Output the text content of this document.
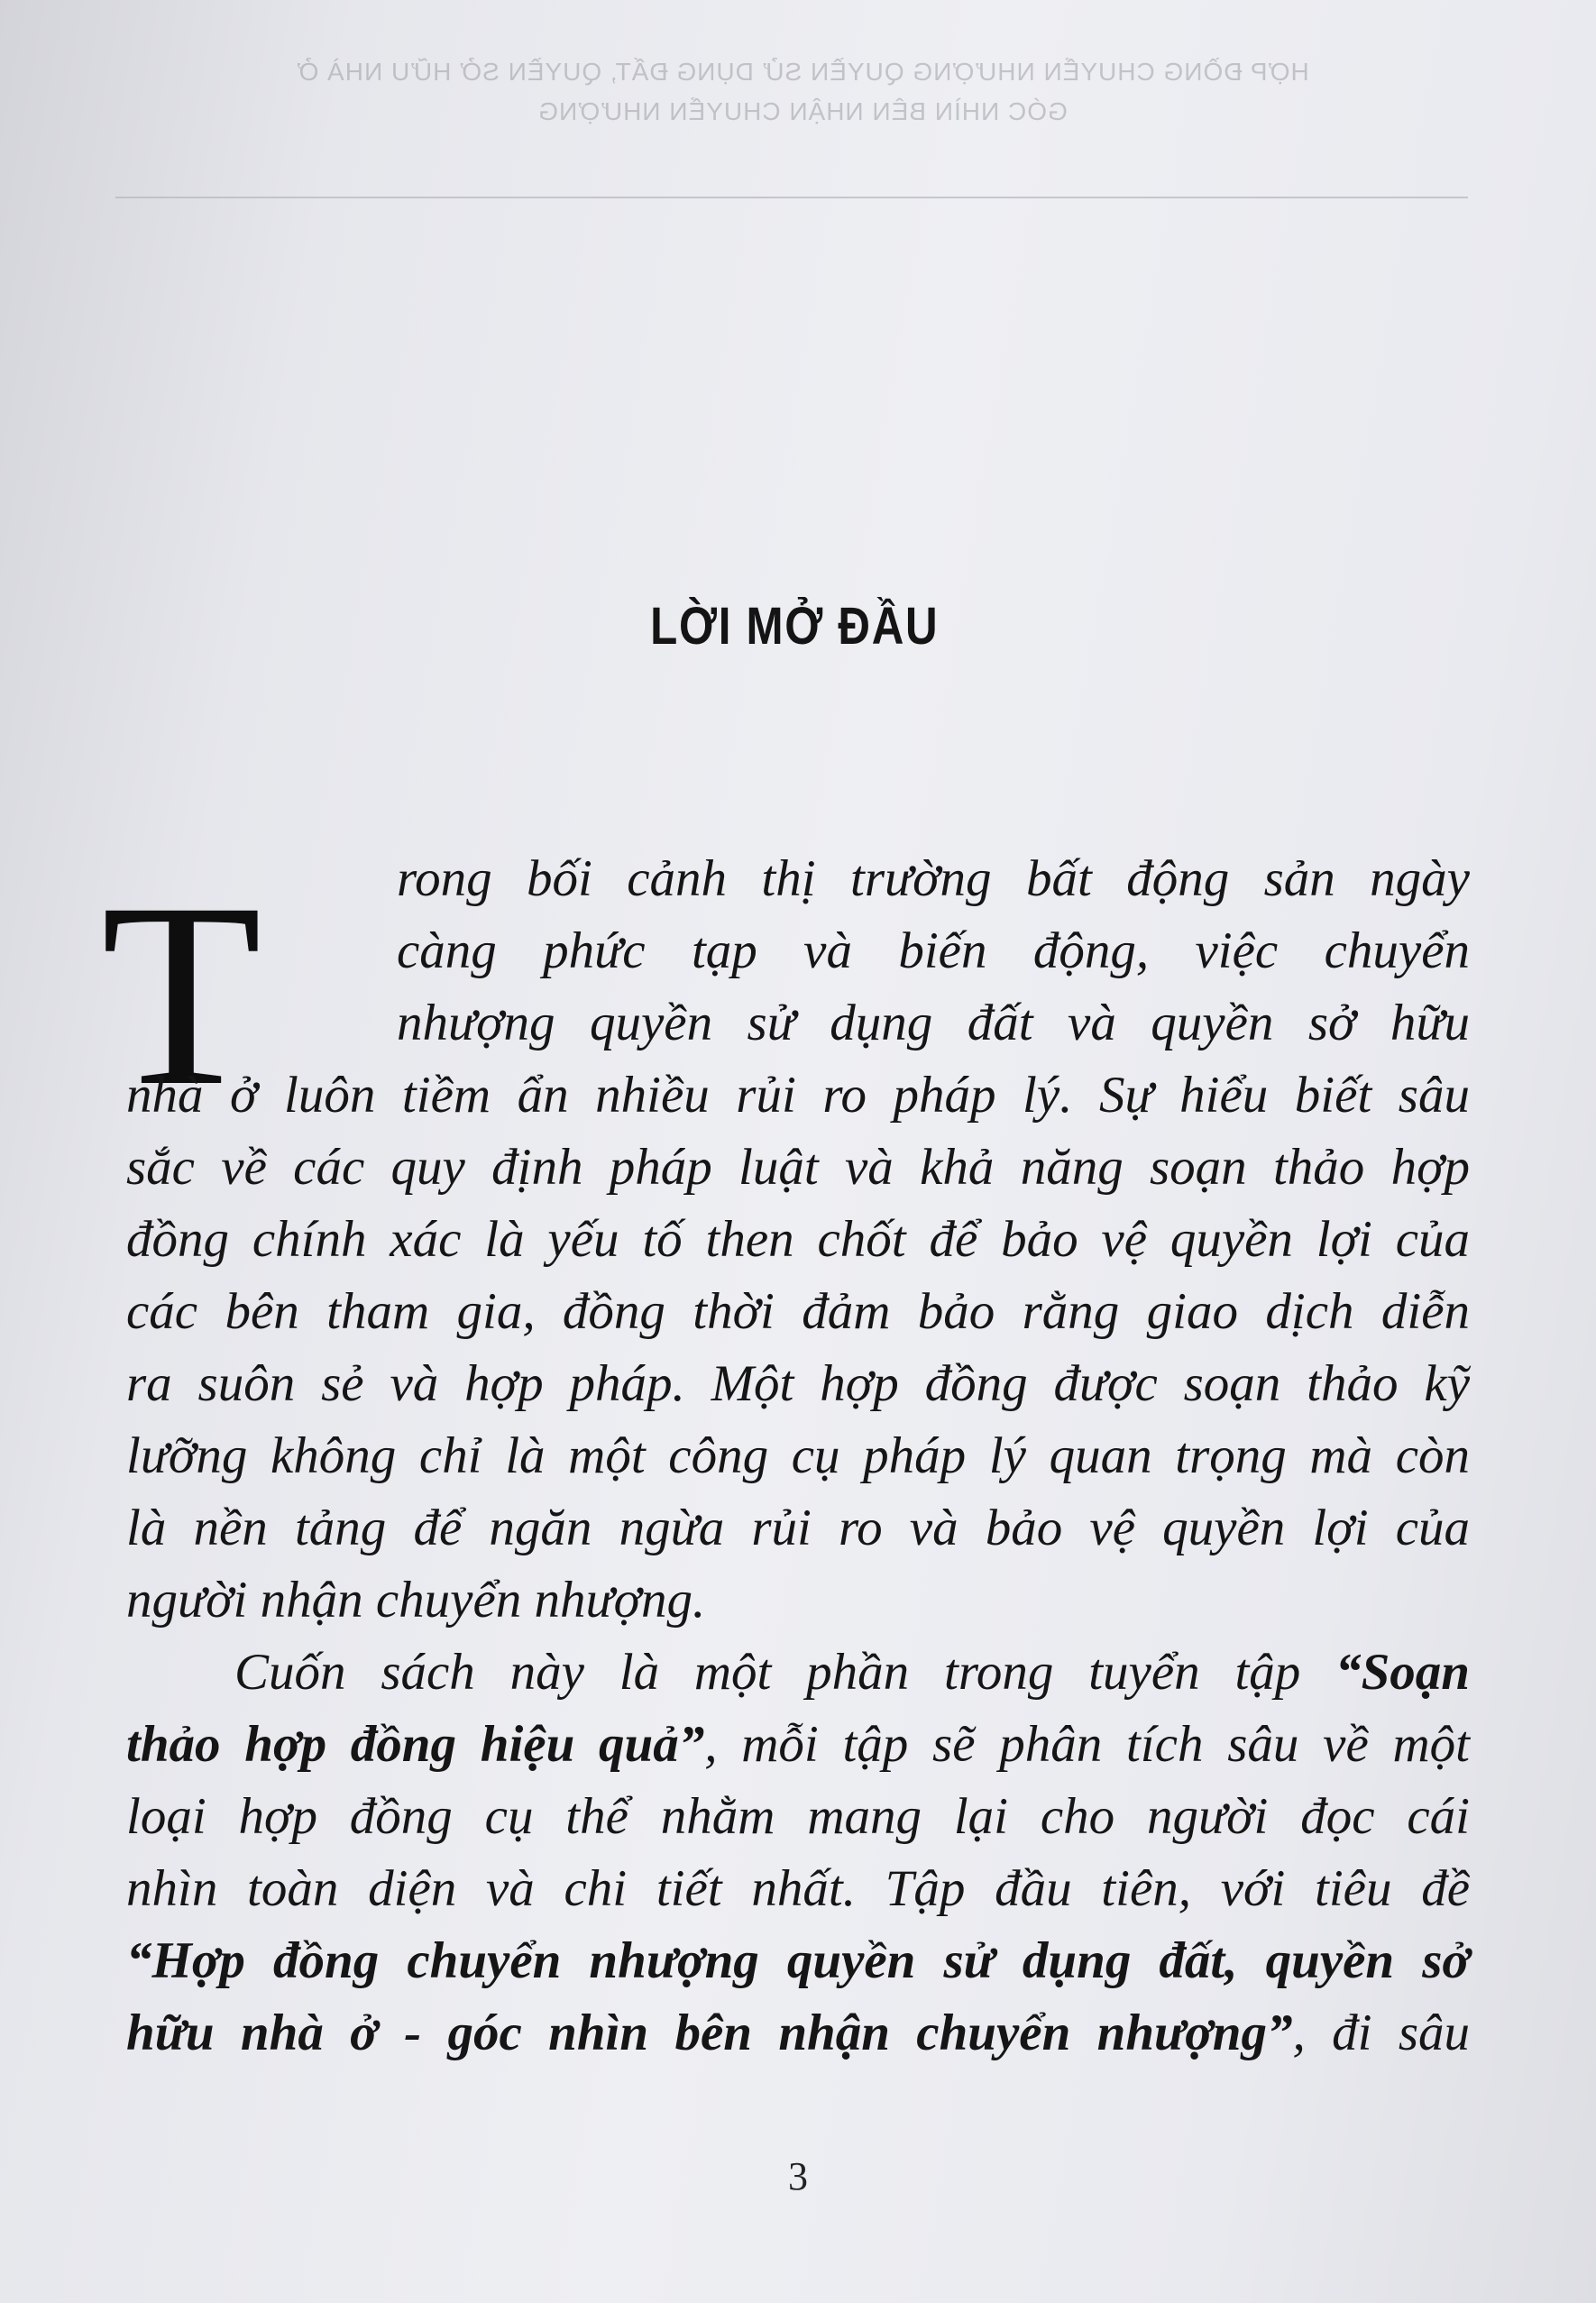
HỢP ĐỒNG CHUYỂN NHƯỢNG QUYỀN SỬ DỤNG ĐẤT, QUYỀN SỞ HỮU NHÀ Ở
GÓC NHÌN BÊN NHẬN CHUYỂN NHƯỢNG
LỜI MỞ ĐẦU
T	rong bối cảnh thị trường bất động sản ngày
càng phức tạp và biến động, việc chuyển
nhượng quyền sử dụng đất và quyền sở hữu
nhà ở luôn tiềm ẩn nhiều rủi ro pháp lý. Sự hiểu biết sâu
sắc về các quy định pháp luật và khả năng soạn thảo hợp
đồng chính xác là yếu tố then chốt để bảo vệ quyền lợi của
các bên tham gia, đồng thời đảm bảo rằng giao dịch diễn
ra suôn sẻ và hợp pháp. Một hợp đồng được soạn thảo kỹ
lưỡng không chỉ là một công cụ pháp lý quan trọng mà còn
là nền tảng để ngăn ngừa rủi ro và bảo vệ quyền lợi của
người nhận chuyển nhượng.
Cuốn sách này là một phần trong tuyển tập “Soạn
thảo hợp đồng hiệu quả”, mỗi tập sẽ phân tích sâu về một
loại hợp đồng cụ thể nhằm mang lại cho người đọc cái
nhìn toàn diện và chi tiết nhất. Tập đầu tiên, với tiêu đề
“Hợp đồng chuyển nhượng quyền sử dụng đất, quyền sở
hữu nhà ở - góc nhìn bên nhận chuyển nhượng”, đi sâu
3
